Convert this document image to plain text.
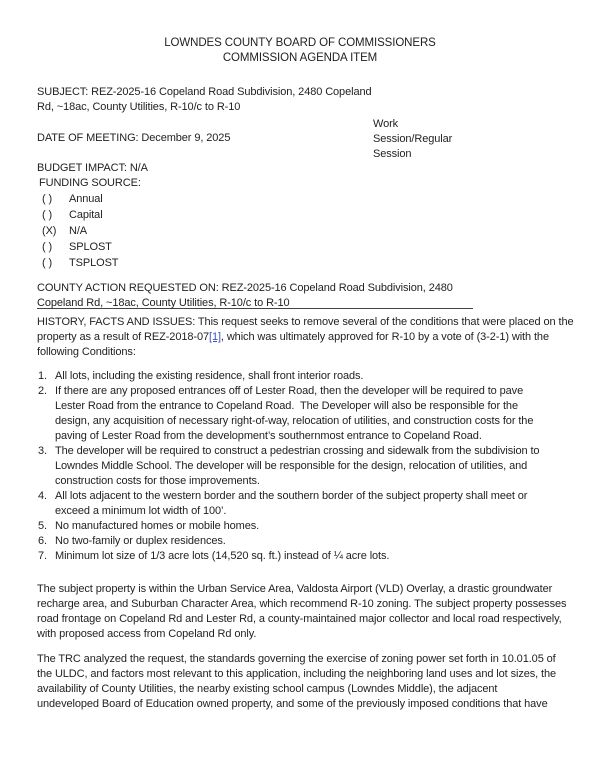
LOWNDES COUNTY BOARD OF COMMISSIONERS
COMMISSION AGENDA ITEM
SUBJECT: REZ-2025-16 Copeland Road Subdivision, 2480 Copeland
Rd, ~18ac, County Utilities, R-10/c to R-10
DATE OF MEETING: December 9, 2025
Work
Session/Regular
Session
BUDGET IMPACT: N/A
FUNDING SOURCE:
( ) Annual
( ) Capital
(X) N/A
( ) SPLOST
( ) TSPLOST
COUNTY ACTION REQUESTED ON: REZ-2025-16 Copeland Road Subdivision, 2480
Copeland Rd, ~18ac, County Utilities, R-10/c to R-10
HISTORY, FACTS AND ISSUES: This request seeks to remove several of the conditions that were placed on the
property as a result of REZ-2018-07[1], which was ultimately approved for R-10 by a vote of (3-2-1) with the
following Conditions:
1. All lots, including the existing residence, shall front interior roads.
2. If there are any proposed entrances off of Lester Road, then the developer will be required to pave
Lester Road from the entrance to Copeland Road.  The Developer will also be responsible for the
design, any acquisition of necessary right-of-way, relocation of utilities, and construction costs for the
paving of Lester Road from the development’s southernmost entrance to Copeland Road.
3. The developer will be required to construct a pedestrian crossing and sidewalk from the subdivision to
Lowndes Middle School. The developer will be responsible for the design, relocation of utilities, and
construction costs for those improvements.
4. All lots adjacent to the western border and the southern border of the subject property shall meet or
exceed a minimum lot width of 100’.
5. No manufactured homes or mobile homes.
6. No two-family or duplex residences.
7. Minimum lot size of 1/3 acre lots (14,520 sq. ft.) instead of ¼ acre lots.
The subject property is within the Urban Service Area, Valdosta Airport (VLD) Overlay, a drastic groundwater
recharge area, and Suburban Character Area, which recommend R-10 zoning. The subject property possesses
road frontage on Copeland Rd and Lester Rd, a county-maintained major collector and local road respectively,
with proposed access from Copeland Rd only.
The TRC analyzed the request, the standards governing the exercise of zoning power set forth in 10.01.05 of
the ULDC, and factors most relevant to this application, including the neighboring land uses and lot sizes, the
availability of County Utilities, the nearby existing school campus (Lowndes Middle), the adjacent
undeveloped Board of Education owned property, and some of the previously imposed conditions that have
